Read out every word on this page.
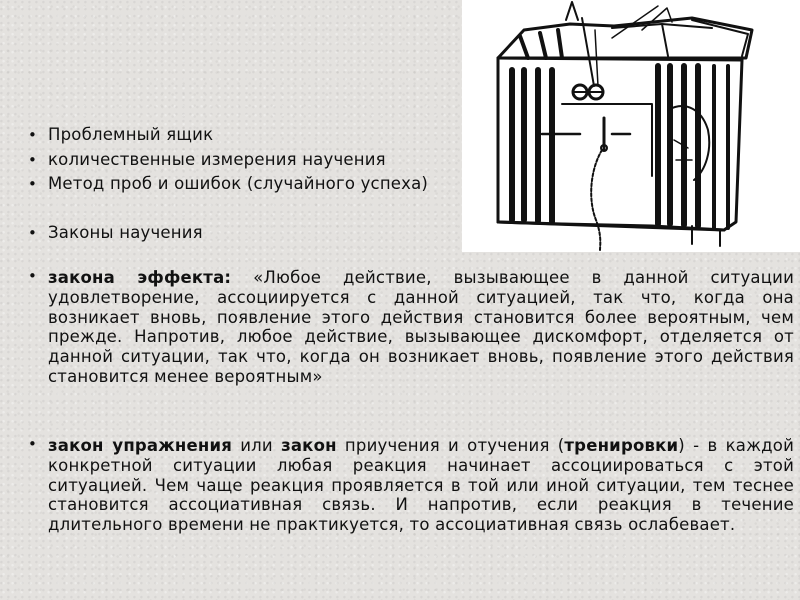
• Проблемный ящик
• количественные измерения научения
• Метод проб и ошибок (случайного успеха)
• Законы научения
• закона эффекта: «Любое действие, вызывающее в данной ситуации удовлетворение, ассоциируется с данной ситуацией, так что, когда она возникает вновь, появление этого действия становится более вероятным, чем прежде. Напротив, любое действие, вызывающее дискомфорт, отделяется от данной ситуации, так что, когда он возникает вновь, появление этого действия становится менее вероятным»
• закон упражнения или закон приучения и отучения (тренировки) - в каждой конкретной ситуации любая реакция начинает ассоциироваться с этой ситуацией. Чем чаще реакция проявляется в той или иной ситуации, тем теснее становится ассоциативная связь. И напротив, если реакция в течение длительного времени не практикуется, то ассоциативная связь ослабевает.
